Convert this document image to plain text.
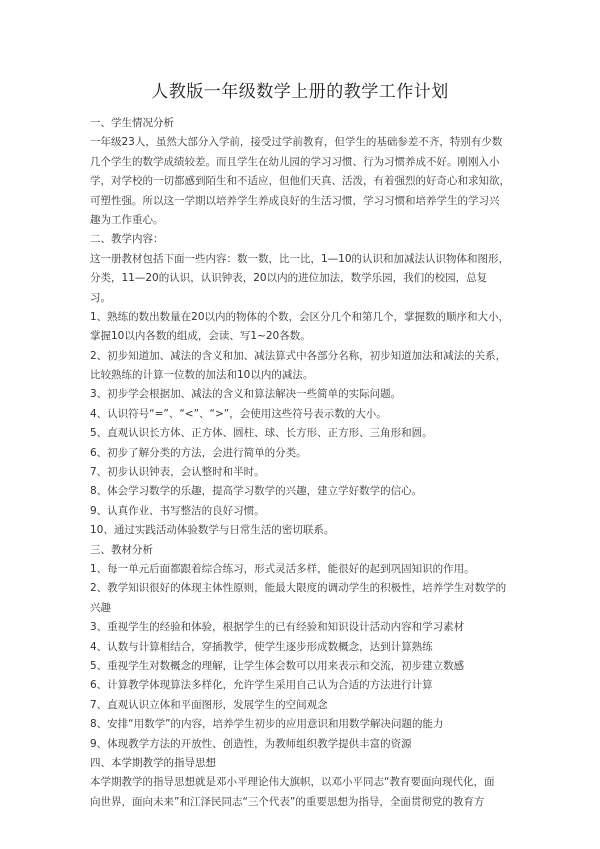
人教版一年级数学上册的教学工作计划
一、学生情况分析
一年级23人，虽然大部分入学前，接受过学前教育，但学生的基础参差不齐，特别有少数
几个学生的数学成绩较差。而且学生在幼儿园的学习习惯、行为习惯养成不好。刚刚入小
学，对学校的一切都感到陌生和不适应，但他们天真、活泼，有着强烈的好奇心和求知欲，
可塑性强。所以这一学期以培养学生养成良好的生活习惯，学习习惯和培养学生的学习兴
趣为工作重心。
二、教学内容：
这一册教材包括下面一些内容：数一数，比一比，1—10的认识和加减法认识物体和图形，
分类，11—20的认识，认识钟表，20以内的进位加法，数学乐园，我们的校园，总复
习。
1、熟练的数出数量在20以内的物体的个数，会区分几个和第几个，掌握数的顺序和大小，
掌握10以内各数的组成，会读、写1~20各数。
2、初步知道加、减法的含义和加、减法算式中各部分名称，初步知道加法和减法的关系，
比较熟练的计算一位数的加法和10以内的减法。
3、初步学会根据加、减法的含义和算法解决一些简单的实际问题。
4、认识符号“=”、“<”、“>”，会使用这些符号表示数的大小。
5、直观认识长方体、正方体、圆柱、球、长方形、正方形、三角形和圆。
6、初步了解分类的方法，会进行简单的分类。
7、初步认识钟表，会认整时和半时。
8、体会学习数学的乐趣，提高学习数学的兴趣，建立学好数学的信心。
9、认真作业、书写整洁的良好习惯。
10、通过实践活动体验数学与日常生活的密切联系。
三、教材分析
1、每一单元后面都跟着综合练习，形式灵活多样，能很好的起到巩固知识的作用。
2、教学知识很好的体现主体性原则，能最大限度的调动学生的积极性，培养学生对数学的
兴趣
3、重视学生的经验和体验，根据学生的已有经验和知识设计活动内容和学习素材
4、认数与计算相结合，穿插教学，使学生逐步形成数概念，达到计算熟练
5、重视学生对数概念的理解，让学生体会数可以用来表示和交流，初步建立数感
6、计算教学体现算法多样化，允许学生采用自己认为合适的方法进行计算
7、直观认识立体和平面图形，发展学生的空间观念
8、安排“用数学”的内容，培养学生初步的应用意识和用数学解决问题的能力
9、体现教学方法的开放性、创造性，为教师组织教学提供丰富的资源
四、本学期教学的指导思想
本学期教学的指导思想就是邓小平理论伟大旗帜，以邓小平同志“教育要面向现代化，面
向世界，面向未来”和江泽民同志“三个代表”的重要思想为指导，全面贯彻党的教育方
